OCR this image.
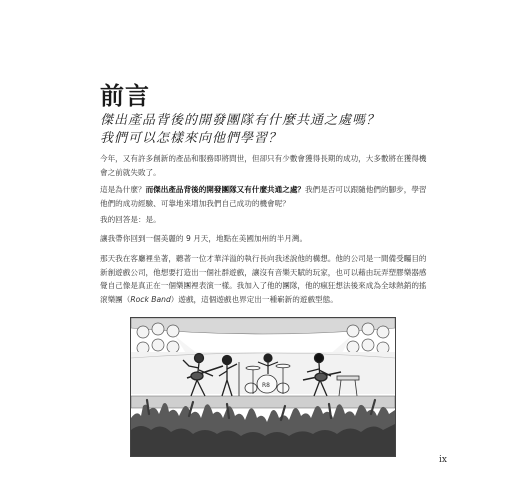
前言
傑出產品背後的開發團隊有什麼共通之處嗎？
我們可以怎樣來向他們學習？
今年，又有許多創新的產品和服務即將問世，但卻只有少數會獲得長期的成功，大多數將在獲得機會之前就失敗了。
這是為什麼？而傑出產品背後的開發團隊又有什麼共通之處？我們是否可以跟隨他們的腳步，學習他們的成功經驗、可靠地來增加我們自己成功的機會呢？
我的回答是：是。
讓我帶你回到一個美麗的 9 月天，地點在美國加州的半月灣。
那天我在客廳裡坐著，聽著一位才華洋溢的執行長向我述說他的構想。他的公司是一間備受矚目的新創遊戲公司，他想要打造出一個社群遊戲，讓沒有音樂天賦的玩家，也可以藉由玩弄塑膠樂器感覺自己像是真正在一個樂團裡表演一樣。我加入了他的團隊，他的瘋狂想法後來成為全球熱銷的搖滾樂團（Rock Band）遊戲，這個遊戲也界定出一種嶄新的遊戲型態。
R8
ix
